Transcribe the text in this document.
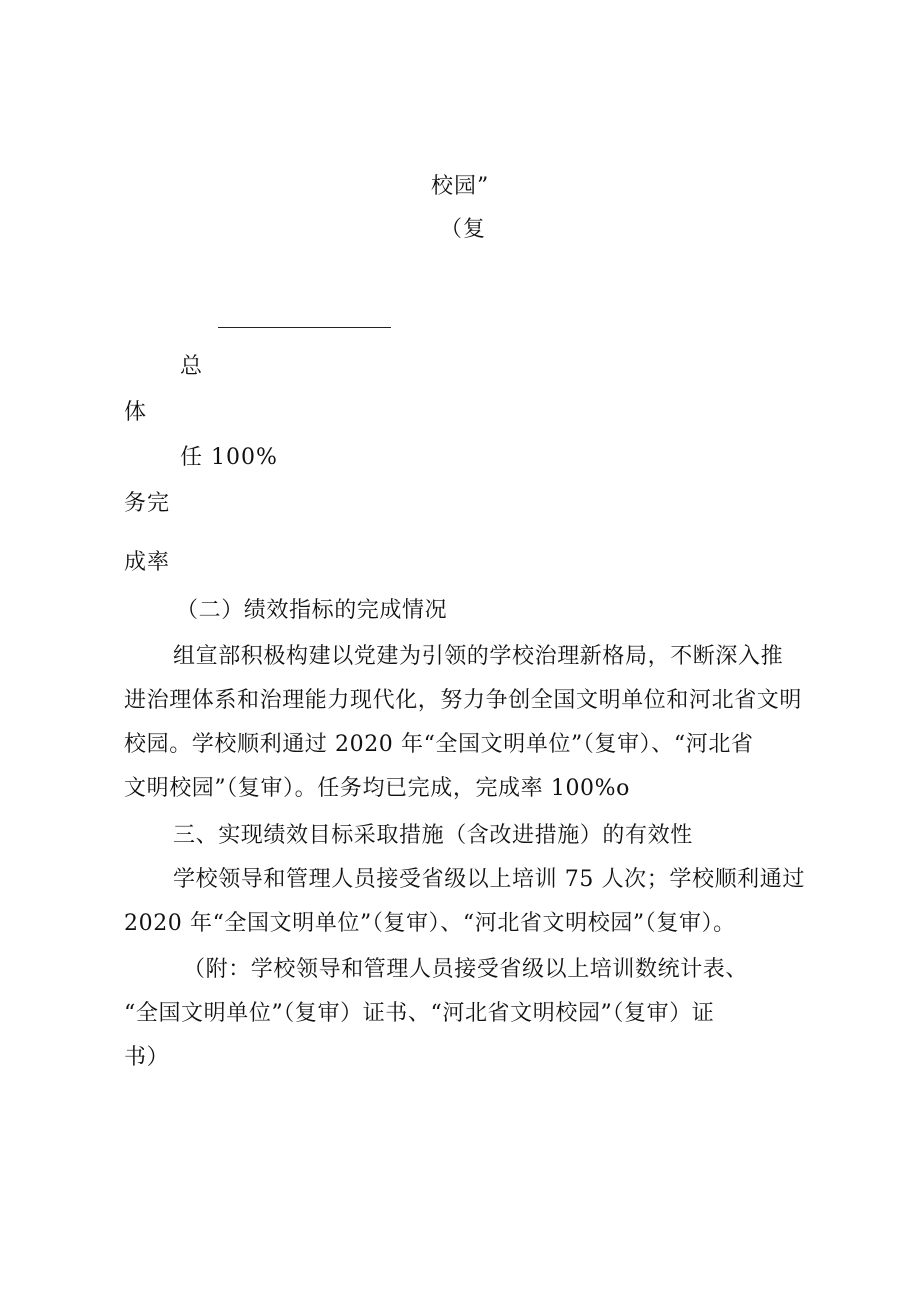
校园”
（复
总
体
任 100%
务完
成率
（二）绩效指标的完成情况
组宣部积极构建以党建为引领的学校治理新格局，不断深入推
进治理体系和治理能力现代化，努力争创全国文明单位和河北省文明
校园。学校顺利通过 2020 年“全国文明单位”（复审）、“河北省
文明校园”（复审）。任务均已完成，完成率 100%o
三、实现绩效目标采取措施（含改进措施）的有效性
学校领导和管理人员接受省级以上培训 75 人次；学校顺利通过
2020 年“全国文明单位”（复审）、“河北省文明校园”（复审）。
（附：学校领导和管理人员接受省级以上培训数统计表、
“全国文明单位”（复审）证书、“河北省文明校园”（复审）证
书）
